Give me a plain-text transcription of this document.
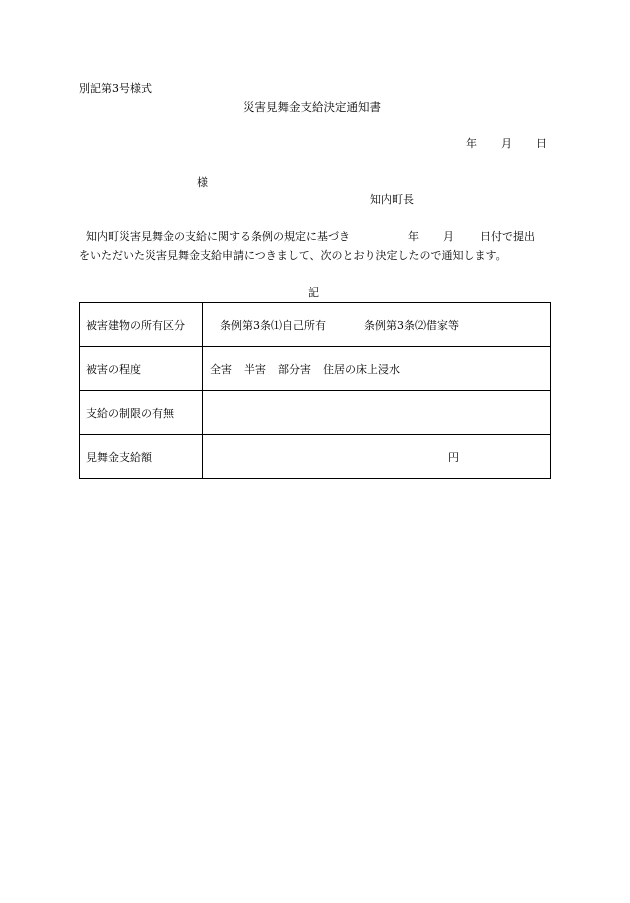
別記第3号様式
災害見舞金支給決定通知書
年 月 日
様
知内町長
知内町災害見舞金の支給に関する条例の規定に基づき	年 月 日付で提出
をいただいた災害見舞金支給申請につきまして、次のとおり決定したので通知します。
記
被害建物の所有区分	条例第3条⑴自己所有 条例第3条⑵借家等
被害の程度	全害 半害 部分害 住居の床上浸水
支給の制限の有無	
見舞金支給額	円
